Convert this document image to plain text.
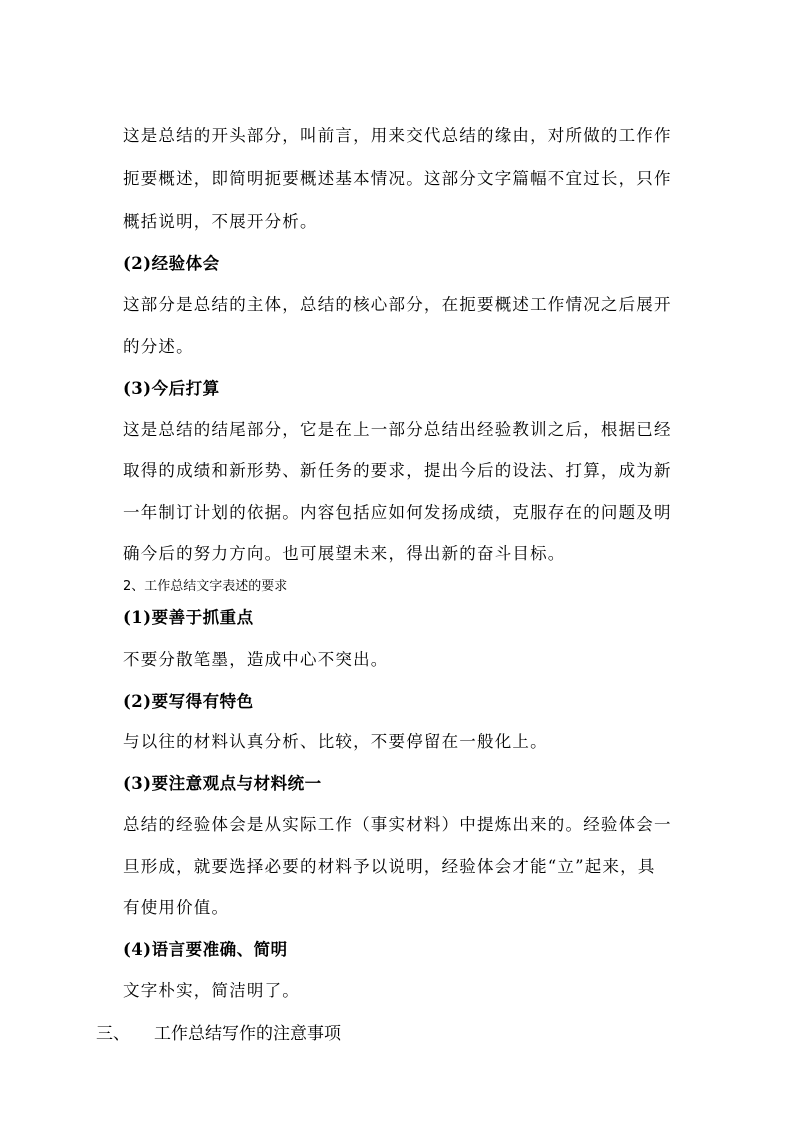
这是总结的开头部分，叫前言，用来交代总结的缘由，对所做的工作作
扼要概述，即简明扼要概述基本情况。这部分文字篇幅不宜过长，只作
概括说明，不展开分析。
(2)经验体会
这部分是总结的主体，总结的核心部分，在扼要概述工作情况之后展开
的分述。
(3)今后打算
这是总结的结尾部分，它是在上一部分总结出经验教训之后，根据已经
取得的成绩和新形势、新任务的要求，提出今后的设法、打算，成为新
一年制订计划的依据。内容包括应如何发扬成绩，克服存在的问题及明
确今后的努力方向。也可展望未来，得出新的奋斗目标。
2、工作总结文字表述的要求
(1)要善于抓重点
不要分散笔墨，造成中心不突出。
(2)要写得有特色
与以往的材料认真分析、比较，不要停留在一般化上。
(3)要注意观点与材料统一
总结的经验体会是从实际工作（事实材料）中提炼出来的。经验体会一
旦形成，就要选择必要的材料予以说明，经验体会才能“立”起来，具
有使用价值。
(4)语言要准确、简明
文字朴实，简洁明了。
三、 工作总结写作的注意事项
